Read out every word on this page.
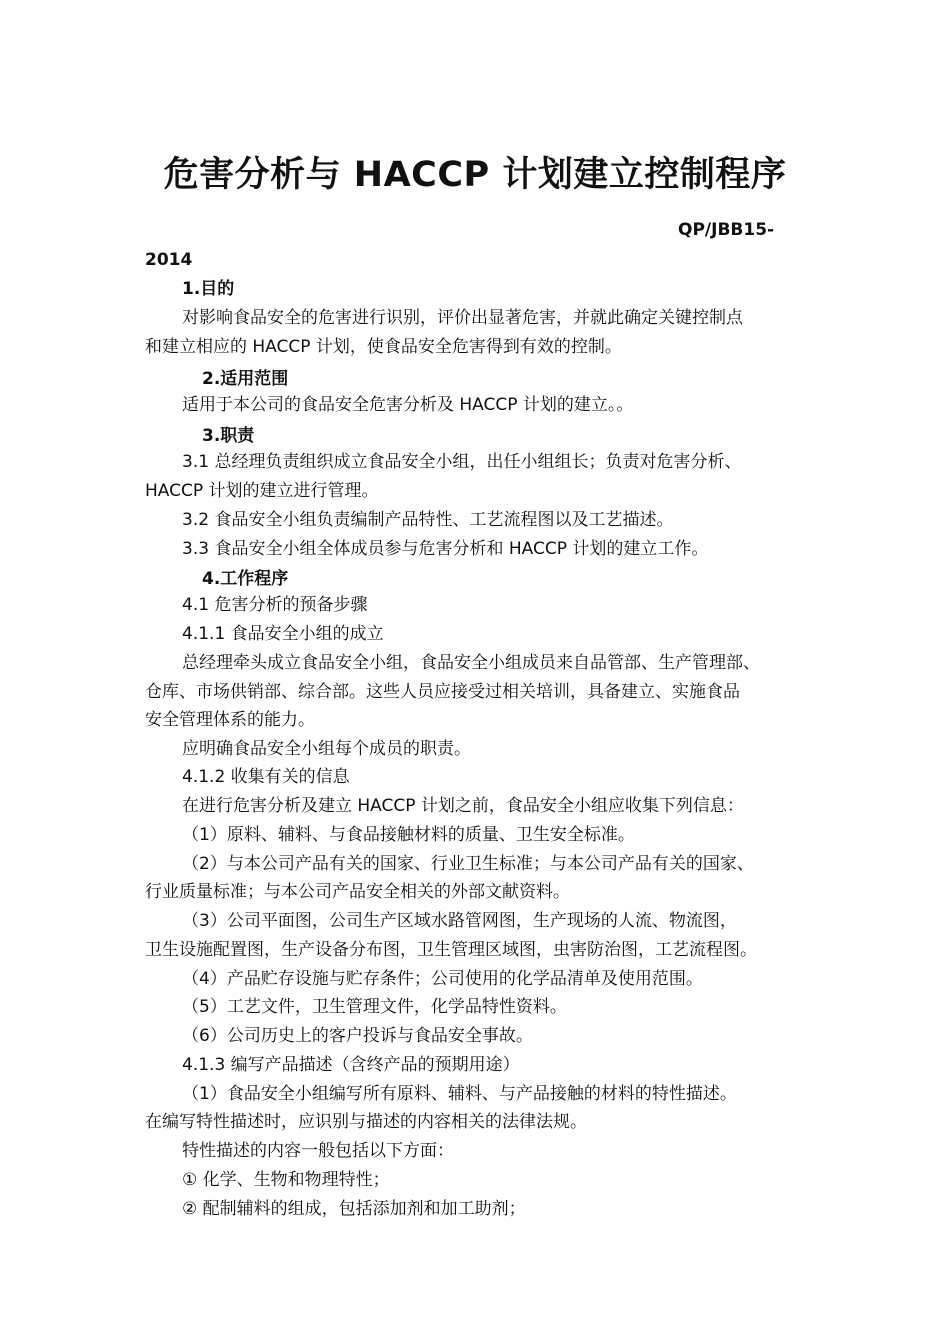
危害分析与 HACCP 计划建立控制程序
QP/JBB15-
2014
1.目的
对影响食品安全的危害进行识别，评价出显著危害，并就此确定关键控制点
和建立相应的 HACCP 计划，使食品安全危害得到有效的控制。
2.适用范围
适用于本公司的食品安全危害分析及 HACCP 计划的建立。。
3.职责
3.1 总经理负责组织成立食品安全小组，出任小组组长；负责对危害分析、
HACCP 计划的建立进行管理。
3.2 食品安全小组负责编制产品特性、工艺流程图以及工艺描述。
3.3 食品安全小组全体成员参与危害分析和 HACCP 计划的建立工作。
4.工作程序
4.1 危害分析的预备步骤
4.1.1 食品安全小组的成立
总经理牵头成立食品安全小组，食品安全小组成员来自品管部、生产管理部、
仓库、市场供销部、综合部。这些人员应接受过相关培训，具备建立、实施食品
安全管理体系的能力。
应明确食品安全小组每个成员的职责。
4.1.2 收集有关的信息
在进行危害分析及建立 HACCP 计划之前，食品安全小组应收集下列信息：
（1）原料、辅料、与食品接触材料的质量、卫生安全标准。
（2）与本公司产品有关的国家、行业卫生标准；与本公司产品有关的国家、
行业质量标准；与本公司产品安全相关的外部文献资料。
（3）公司平面图，公司生产区域水路管网图，生产现场的人流、物流图，
卫生设施配置图，生产设备分布图，卫生管理区域图，虫害防治图，工艺流程图。
（4）产品贮存设施与贮存条件；公司使用的化学品清单及使用范围。
（5）工艺文件，卫生管理文件，化学品特性资料。
（6）公司历史上的客户投诉与食品安全事故。
4.1.3 编写产品描述（含终产品的预期用途）
（1）食品安全小组编写所有原料、辅料、与产品接触的材料的特性描述。
在编写特性描述时，应识别与描述的内容相关的法律法规。
特性描述的内容一般包括以下方面：
① 化学、生物和物理特性；
② 配制辅料的组成，包括添加剂和加工助剂；
